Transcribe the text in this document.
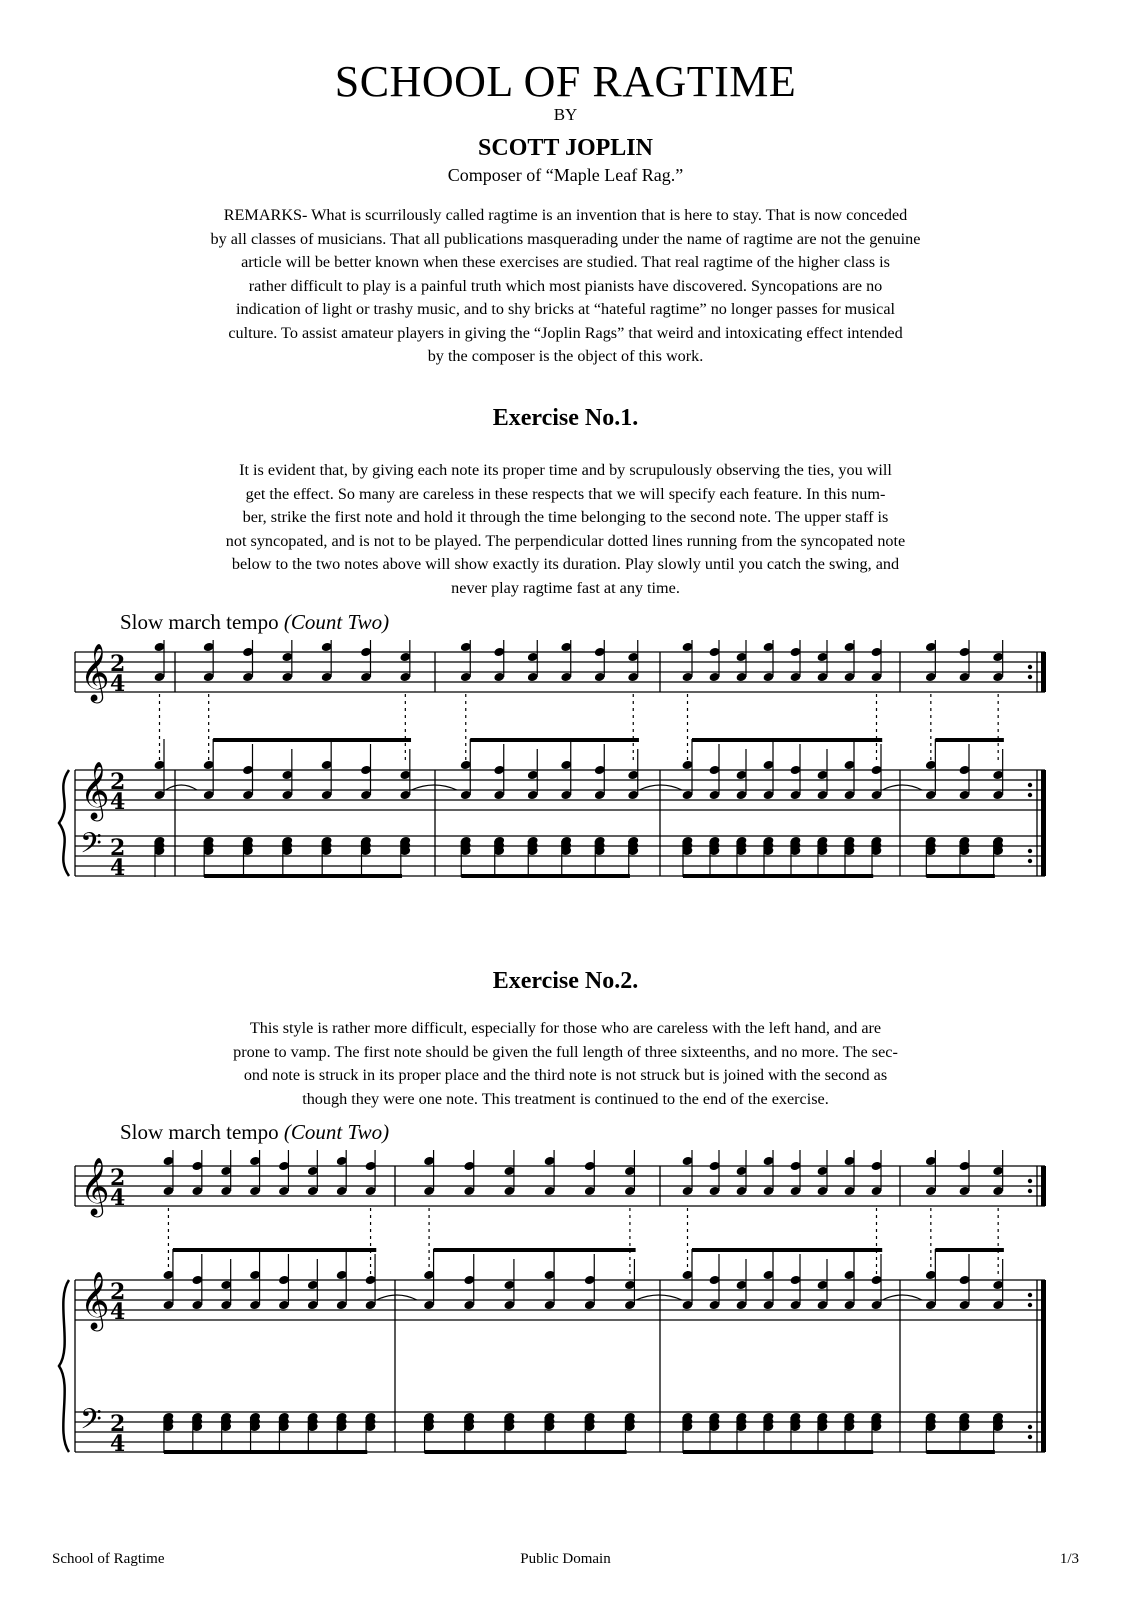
SCHOOL OF RAGTIME
BY
SCOTT JOPLIN
Composer of “Maple Leaf Rag.”

REMARKS- What is scurrilously called ragtime is an invention that is here to stay. That is now conceded

by all classes of musicians. That all publications masquerading under the name of ragtime are not the genuine

article will be better known when these exercises are studied. That real ragtime of the higher class is

rather difficult to play is a painful truth which most pianists have discovered. Syncopations are no

indication of light or trashy music, and to shy bricks at “hateful ragtime” no longer passes for musical

culture. To assist amateur players in giving the “Joplin Rags” that weird and intoxicating effect intended

by the composer is the object of this work.

Exercise No.1.

It is evident that, by giving each note its proper time and by scrupulously observing the ties, you will

get the effect. So many are careless in these respects that we will specify each feature. In this num-

ber, strike the first note and hold it through the time belonging to the second note. The upper staff is

not syncopated, and is not to be played. The perpendicular dotted lines running from the syncopated note

below to the two notes above will show exactly its duration. Play slowly until you catch the swing, and

never play ragtime fast at any time.

Slow march tempo (Count Two)
𝄞
𝄞
𝄢
2
4
2
4
2
4
Exercise No.2.

This style is rather more difficult, especially for those who are careless with the left hand, and are

prone to vamp. The first note should be given the full length of three sixteenths, and no more. The sec-

ond note is struck in its proper place and the third note is not struck but is joined with the second as

though they were one note. This treatment is continued to the end of the exercise.

Slow march tempo (Count Two)
𝄞
𝄞
𝄢
2
4
2
4
2
4
School of Ragtime	Public Domain	1/3
